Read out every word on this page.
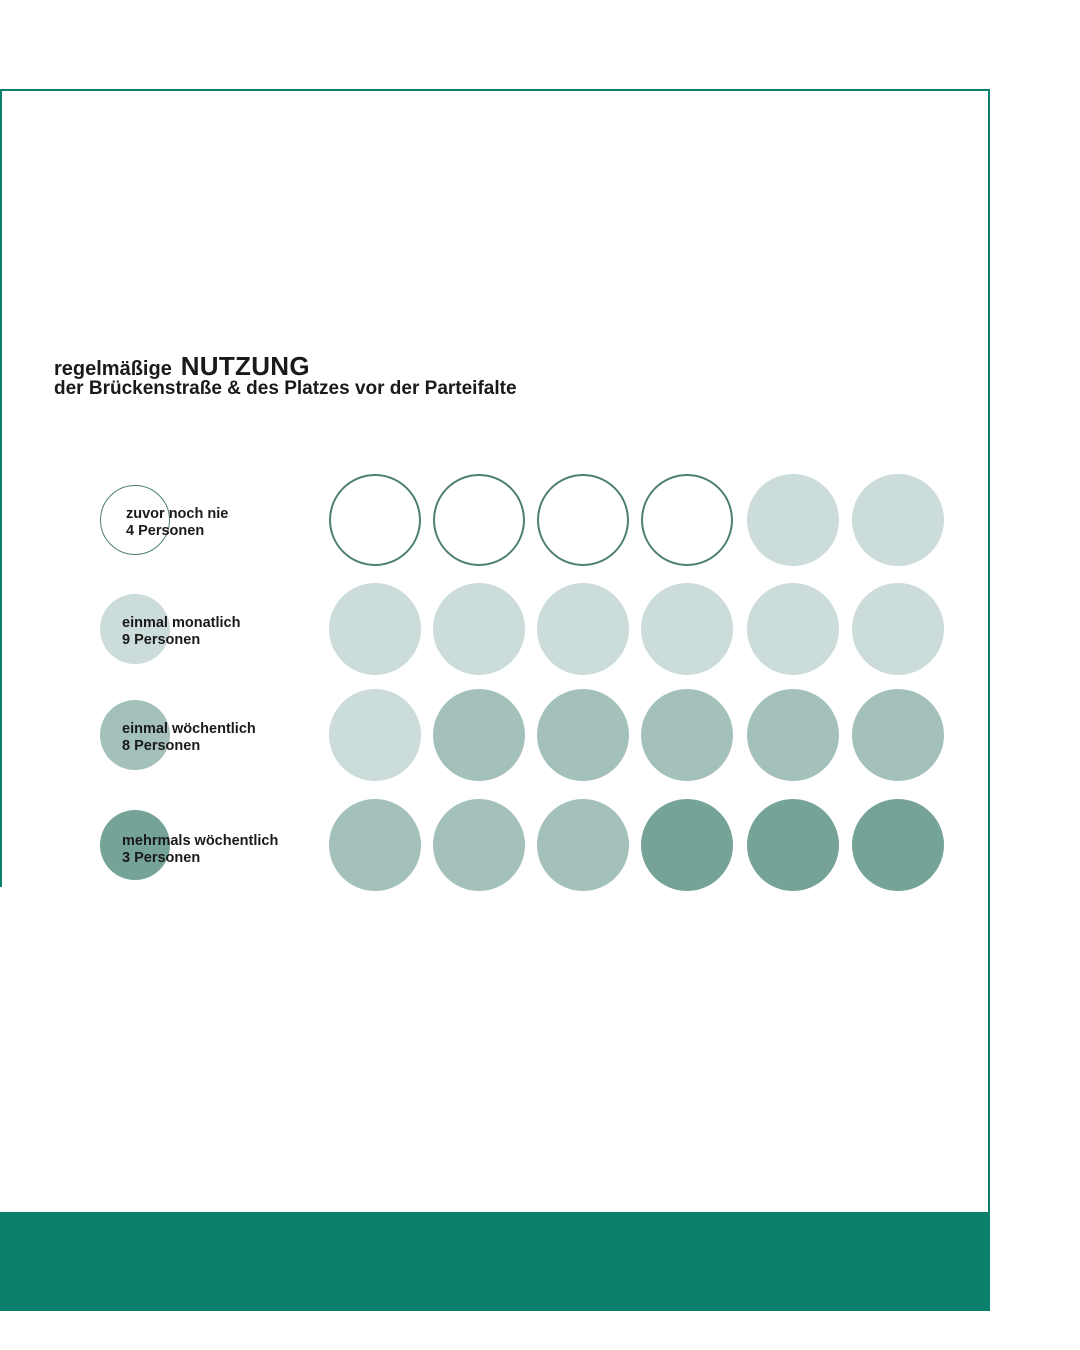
regelmäßige NUTZUNG

der Brückenstraße & des Platzes vor der Parteifalte

zuvor noch nie
4 Personen
einmal monatlich
9 Personen
einmal wöchentlich
8 Personen
mehrmals wöchentlich
3 Personen
